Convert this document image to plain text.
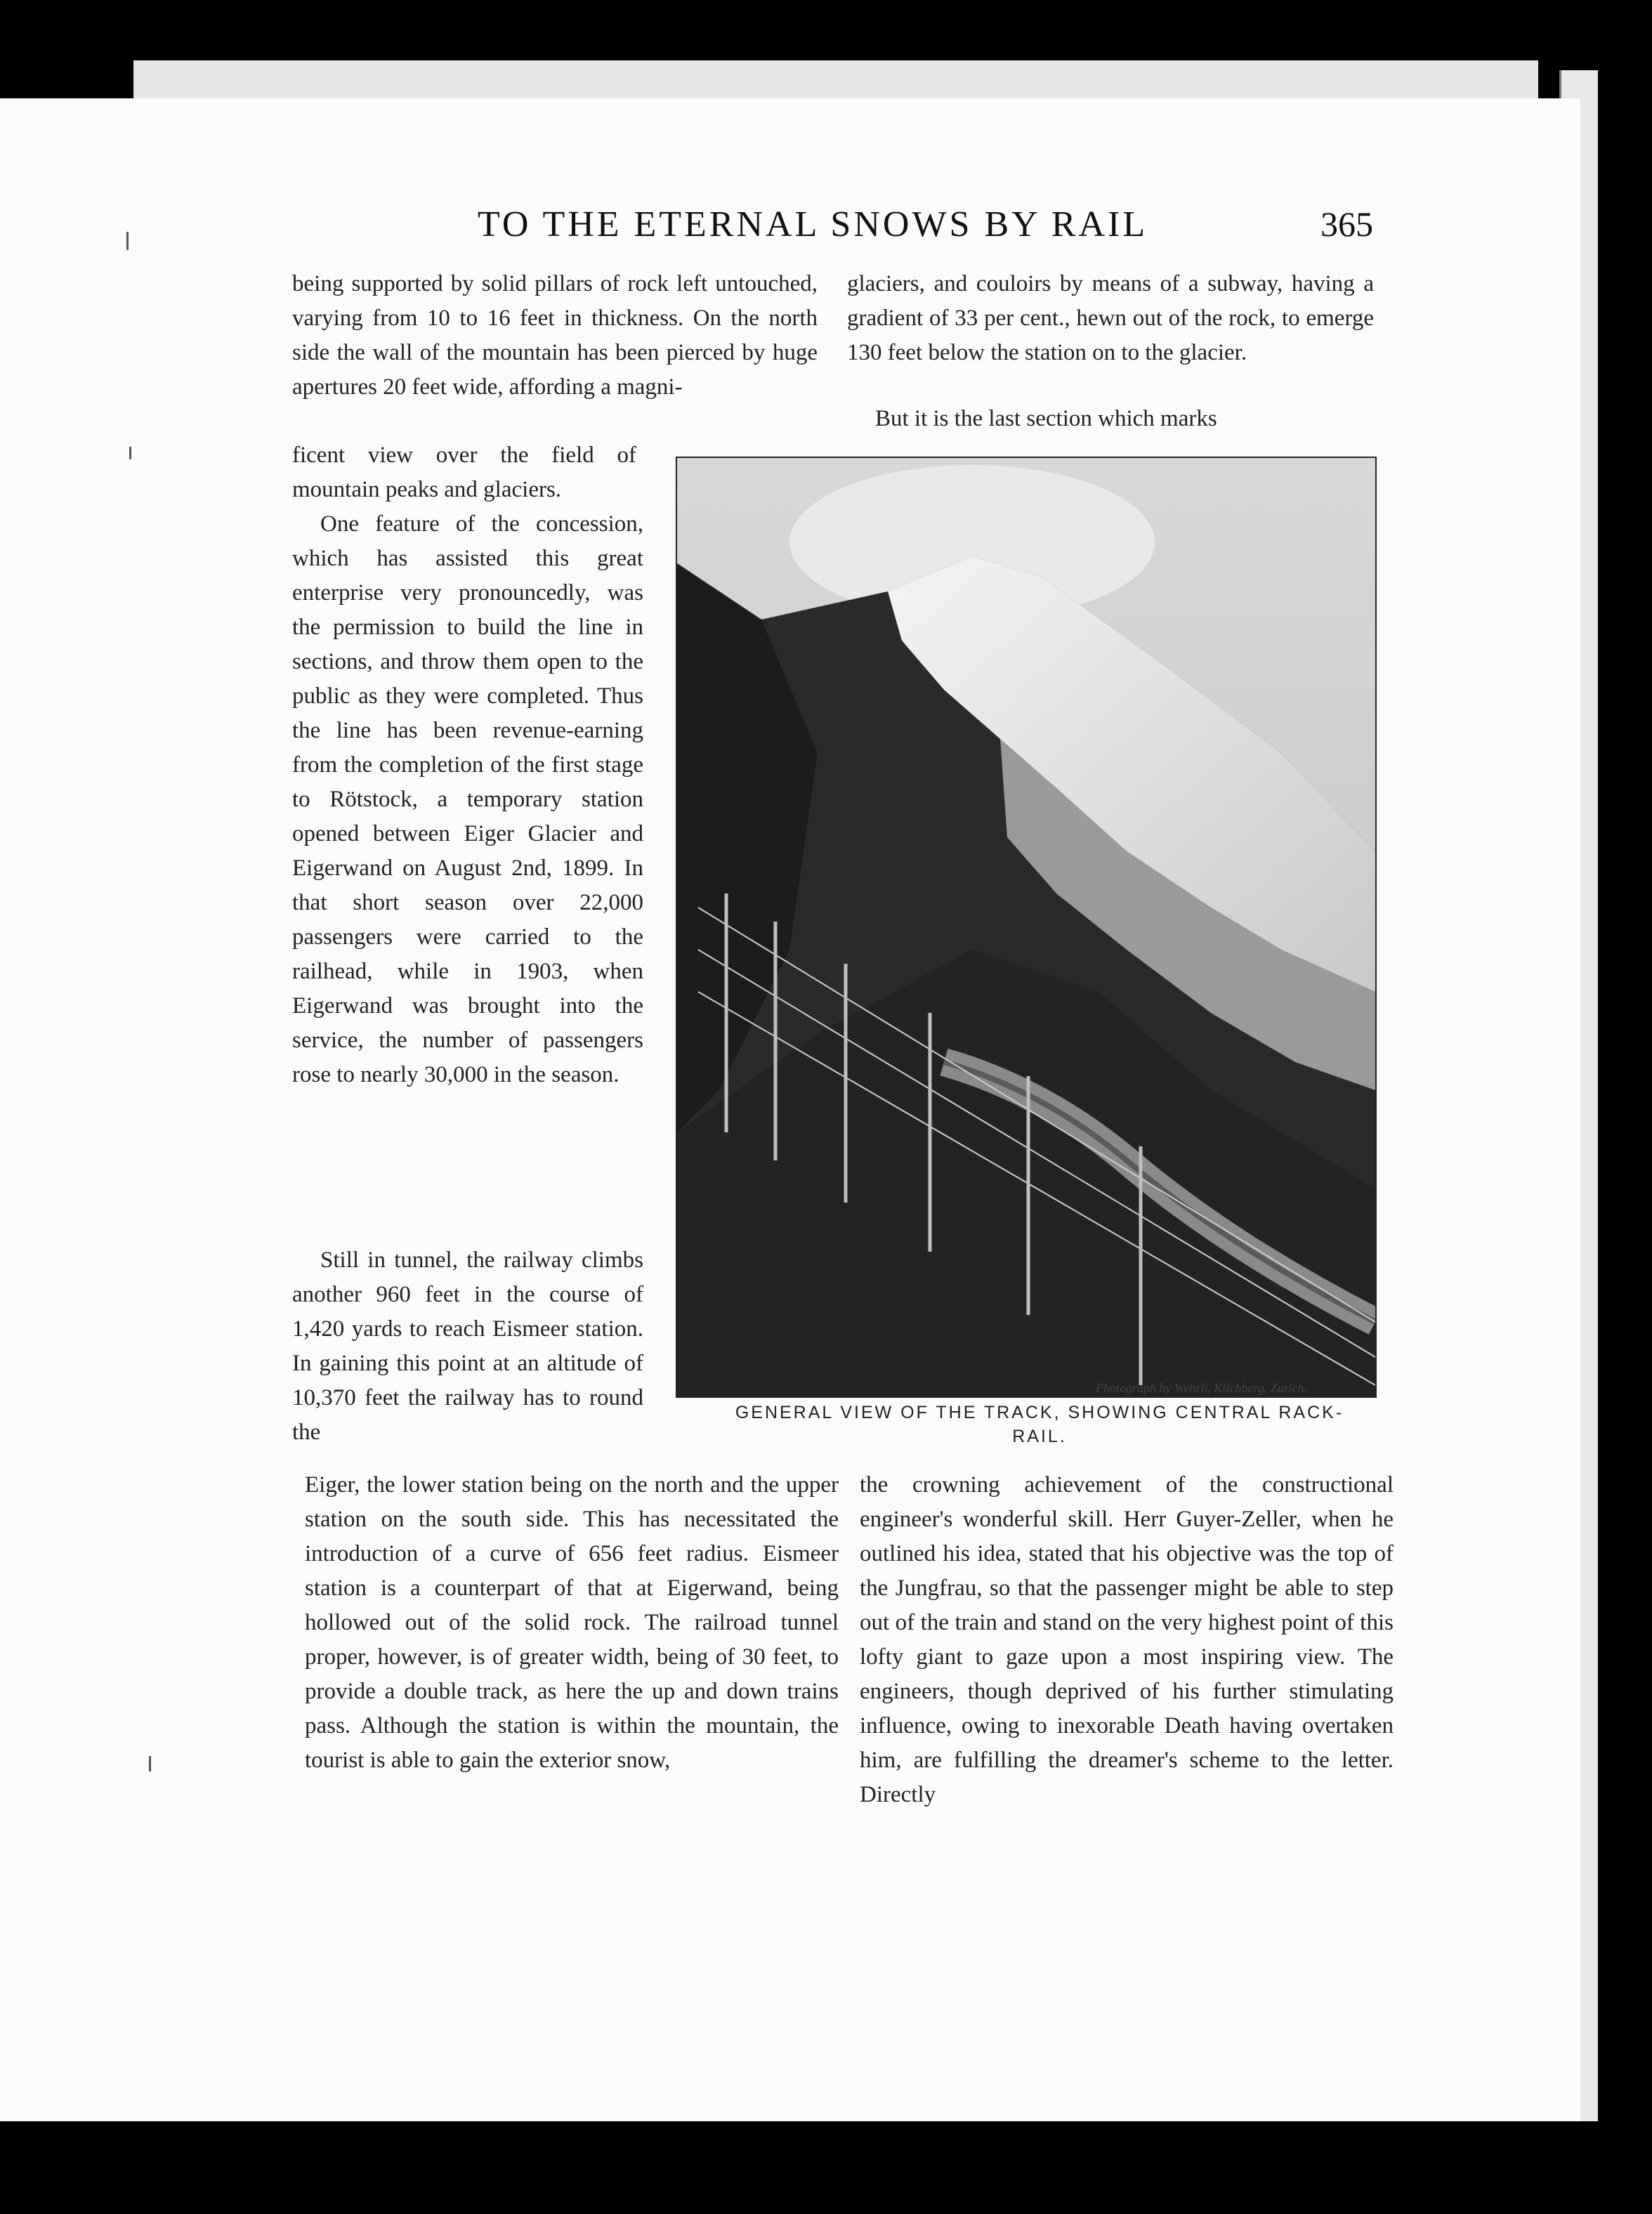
TO THE ETERNAL SNOWS BY RAIL	365

being supported by solid pillars of rock left untouched, varying from 10 to 16 feet in thickness. On the north side the wall of the mountain has been pierced by huge apertures 20 feet wide, affording a magni-

ficent view over the field of mountain peaks and glaciers.

One feature of the concession, which has assisted this great enterprise very pronouncedly, was the permission to build the line in sections, and throw them open to the public as they were completed. Thus the line has been revenue-earning from the completion of the first stage to Rötstock, a temporary station opened between Eiger Glacier and Eigerwand on August 2nd, 1899. In that short season over 22,000 passengers were carried to the railhead, while in 1903, when Eigerwand was brought into the service, the number of passengers rose to nearly 30,000 in the season.

Still in tunnel, the railway climbs another 960 feet in the course of 1,420 yards to reach Eismeer station. In gaining this point at an altitude of 10,370 feet the railway has to round the

Eiger, the lower station being on the north and the upper station on the south side. This has necessitated the introduction of a curve of 656 feet radius. Eismeer station is a counterpart of that at Eigerwand, being hollowed out of the solid rock. The railroad tunnel proper, however, is of greater width, being of 30 feet, to provide a double track, as here the up and down trains pass. Although the station is within the mountain, the tourist is able to gain the exterior snow,

glaciers, and couloirs by means of a subway, having a gradient of 33 per cent., hewn out of the rock, to emerge 130 feet below the station on to the glacier.

But it is the last section which marks

the crowning achievement of the constructional engineer's wonderful skill. Herr Guyer-Zeller, when he outlined his idea, stated that his objective was the top of the Jungfrau, so that the passenger might be able to step out of the train and stand on the very highest point of this lofty giant to gaze upon a most inspiring view. The engineers, though deprived of his further stimulating influence, owing to inexorable Death having overtaken him, are fulfilling the dreamer's scheme to the letter. Directly

Photograph by Wehrli, Kilchberg, Zurich.
GENERAL VIEW OF THE TRACK, SHOWING CENTRAL RACK-RAIL.
